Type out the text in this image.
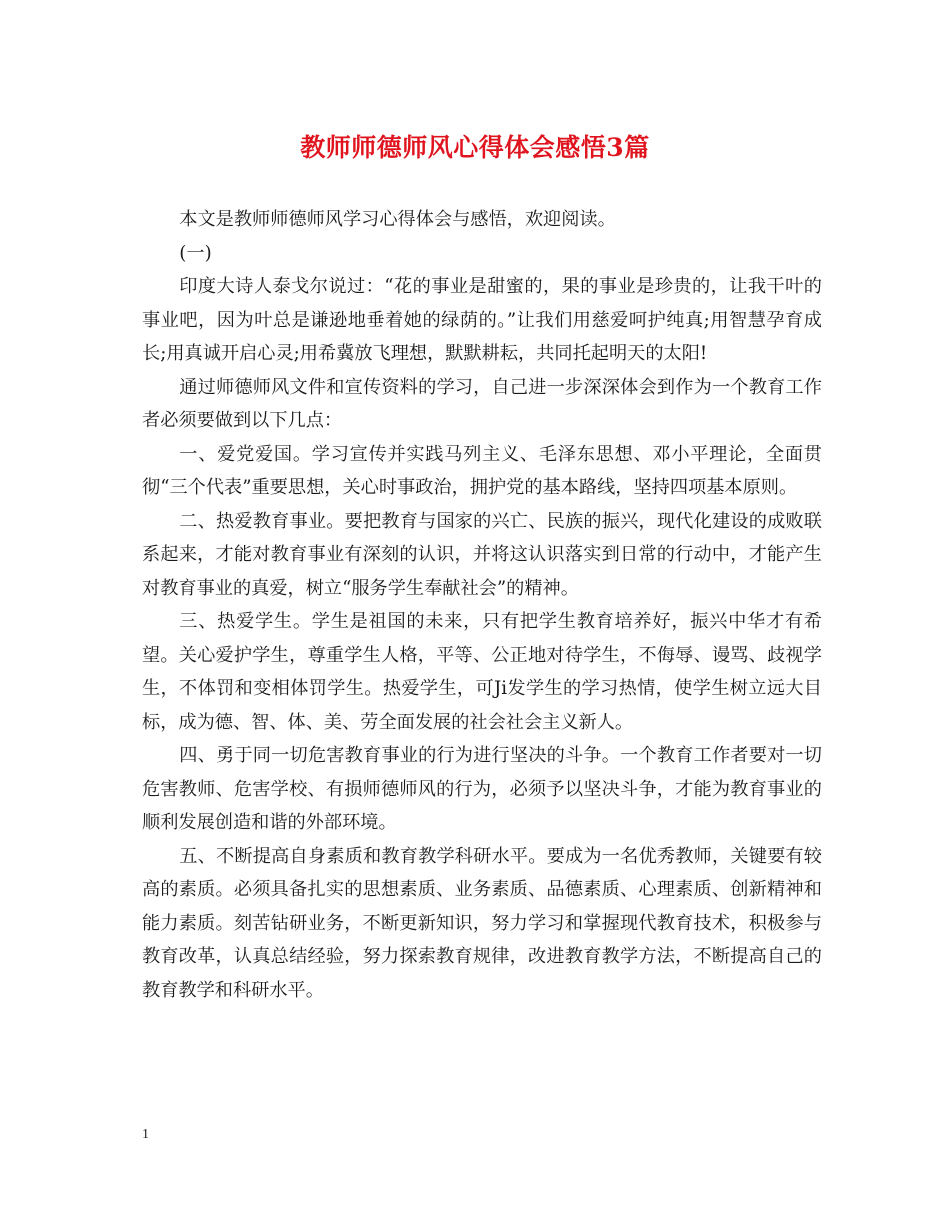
教师师德师风心得体会感悟3篇

本文是教师师德师风学习心得体会与感悟，欢迎阅读。

(一)

印度大诗人泰戈尔说过：“花的事业是甜蜜的，果的事业是珍贵的，让我干叶的事业吧，因为叶总是谦逊地垂着她的绿荫的。”让我们用慈爱呵护纯真;用智慧孕育成长;用真诚开启心灵;用希冀放飞理想，默默耕耘，共同托起明天的太阳!

通过师德师风文件和宣传资料的学习，自己进一步深深体会到作为一个教育工作者必须要做到以下几点：

一、爱党爱国。学习宣传并实践马列主义、毛泽东思想、邓小平理论，全面贯彻“三个代表”重要思想，关心时事政治，拥护党的基本路线，坚持四项基本原则。

二、热爱教育事业。要把教育与国家的兴亡、民族的振兴，现代化建设的成败联系起来，才能对教育事业有深刻的认识，并将这认识落实到日常的行动中，才能产生对教育事业的真爱，树立“服务学生奉献社会”的精神。

三、热爱学生。学生是祖国的未来，只有把学生教育培养好，振兴中华才有希望。关心爱护学生，尊重学生人格，平等、公正地对待学生，不侮辱、谩骂、歧视学生，不体罚和变相体罚学生。热爱学生，可Ji发学生的学习热情，使学生树立远大目标，成为德、智、体、美、劳全面发展的社会社会主义新人。

四、勇于同一切危害教育事业的行为进行坚决的斗争。一个教育工作者要对一切危害教师、危害学校、有损师德师风的行为，必须予以坚决斗争，才能为教育事业的顺利发展创造和谐的外部环境。

五、不断提高自身素质和教育教学科研水平。要成为一名优秀教师，关键要有较高的素质。必须具备扎实的思想素质、业务素质、品德素质、心理素质、创新精神和能力素质。刻苦钻研业务，不断更新知识，努力学习和掌握现代教育技术，积极参与教育改革，认真总结经验，努力探索教育规律，改进教育教学方法，不断提高自己的教育教学和科研水平。

1
